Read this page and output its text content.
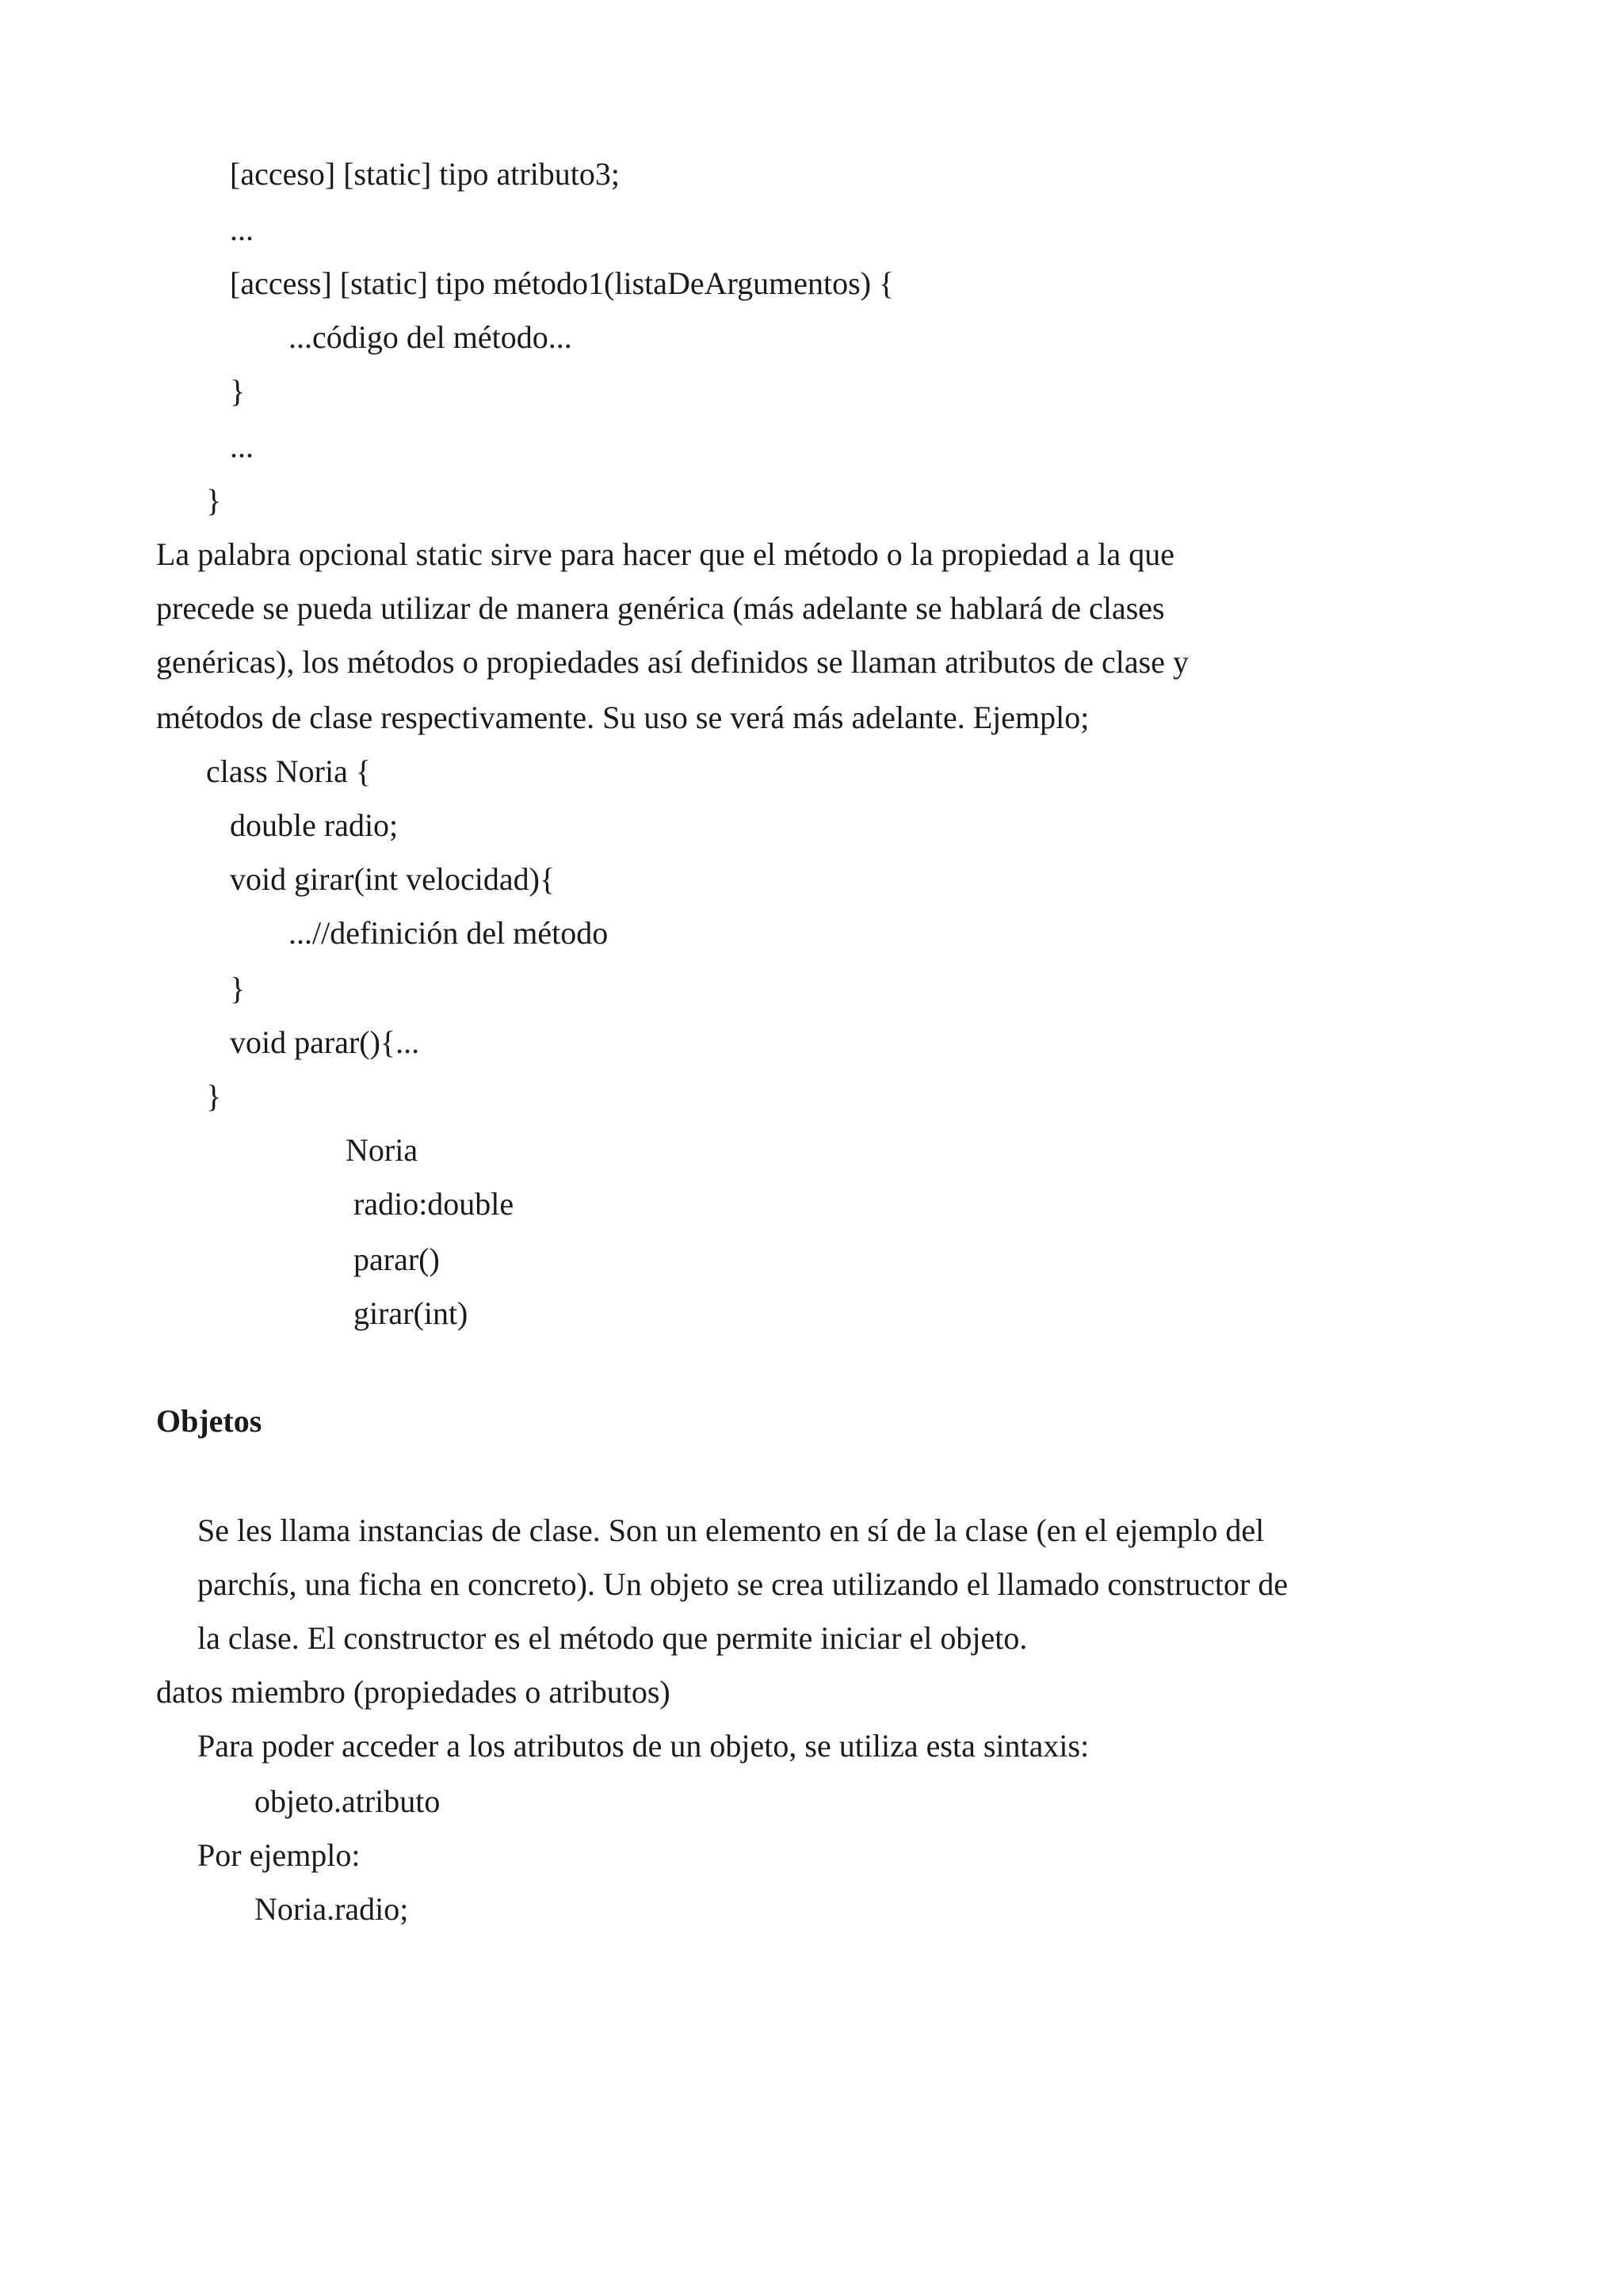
[acceso] [static] tipo atributo3;

...

[access] [static] tipo método1(listaDeArgumentos) {

...código del método...

}

...

}

La palabra opcional static sirve para hacer que el método o la propiedad a la que

precede se pueda utilizar de manera genérica (más adelante se hablará de clases

genéricas), los métodos o propiedades así definidos se llaman atributos de clase y

métodos de clase respectivamente. Su uso se verá más adelante. Ejemplo;

class Noria {

double radio;

void girar(int velocidad){

...//definición del método

}

void parar(){...

}

Noria

radio:double

parar()

girar(int)

Objetos

Se les llama instancias de clase. Son un elemento en sí de la clase (en el ejemplo del

parchís, una ficha en concreto). Un objeto se crea utilizando el llamado constructor de

la clase. El constructor es el método que permite iniciar el objeto.

datos miembro (propiedades o atributos)

Para poder acceder a los atributos de un objeto, se utiliza esta sintaxis:

objeto.atributo

Por ejemplo:

Noria.radio;
